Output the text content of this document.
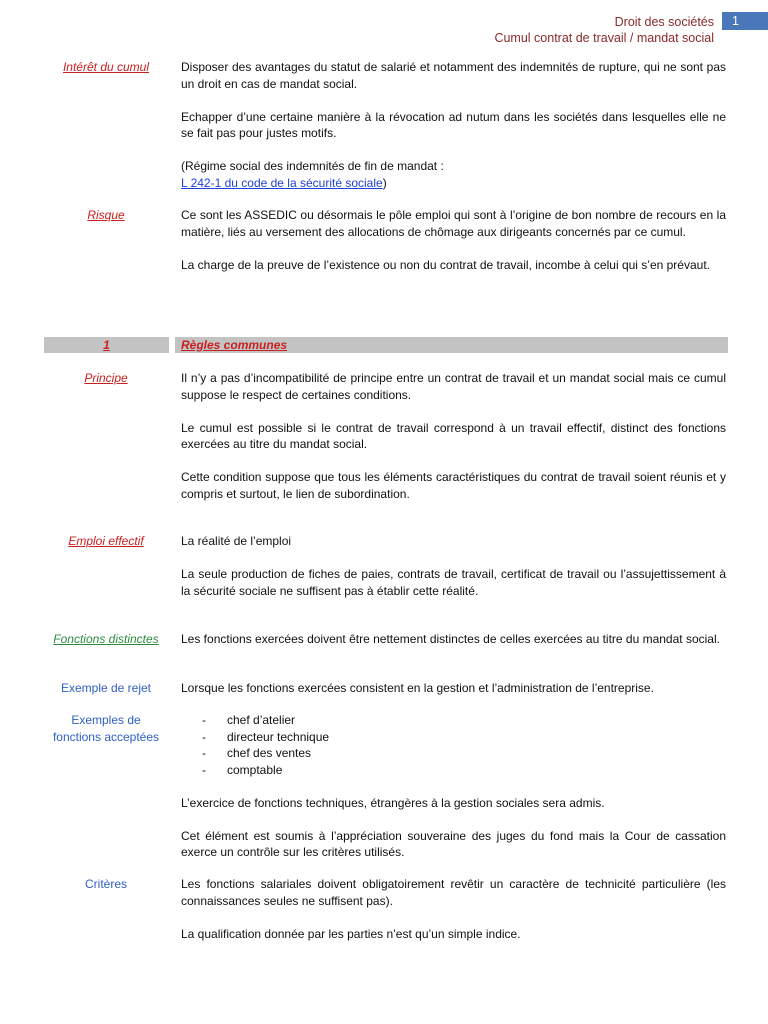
Droit des sociétés
Cumul contrat de travail / mandat social
1
Intérêt du cumul	Disposer des avantages du statut de salarié et notamment des indemnités de rupture, qui ne sont pas un droit en cas de mandat social.

Echapper d’une certaine manière à la révocation ad nutum dans les sociétés dans lesquelles elle ne se fait pas pour justes motifs.

(Régime social des indemnités de fin de mandat :
L 242-1 du code de la sécurité sociale)

Risque	Ce sont les ASSEDIC ou désormais le pôle emploi qui sont à l’origine de bon nombre de recours en la matière, liés au versement des allocations de chômage aux dirigeants concernés par ce cumul.

La charge de la preuve de l’existence ou non du contrat de travail, incombe à celui qui s’en prévaut.

1	Règles communes
Principe	Il n’y a pas d’incompatibilité de principe entre un contrat de travail et un mandat social mais ce cumul suppose le respect de certaines conditions.

Le cumul est possible si le contrat de travail correspond à un travail effectif, distinct des fonctions exercées au titre du mandat social.

Cette condition suppose que tous les éléments caractéristiques du contrat de travail soient réunis et y compris et surtout, le lien de subordination.

Emploi effectif	La réalité de l’emploi

La seule production de fiches de paies, contrats de travail, certificat de travail ou l’assujettissement à la sécurité sociale ne suffisent pas à établir cette réalité.

Fonctions distinctes	Les fonctions exercées doivent être nettement distinctes de celles exercées au titre du mandat social.

Exemple de rejet	Lorsque les fonctions exercées consistent en la gestion et l’administration de l’entreprise.

Exemples de
fonctions acceptées
- chef d’atelier
- directeur technique
- chef des ventes
- comptable

L’exercice de fonctions techniques, étrangères à la gestion sociales sera admis.

Cet élément est soumis à l’appréciation souveraine des juges du fond mais la Cour de cassation exerce un contrôle sur les critères utilisés.

Critères	Les fonctions salariales doivent obligatoirement revêtir un caractère de technicité particulière (les connaissances seules ne suffisent pas).

La qualification donnée par les parties n’est qu’un simple indice.
